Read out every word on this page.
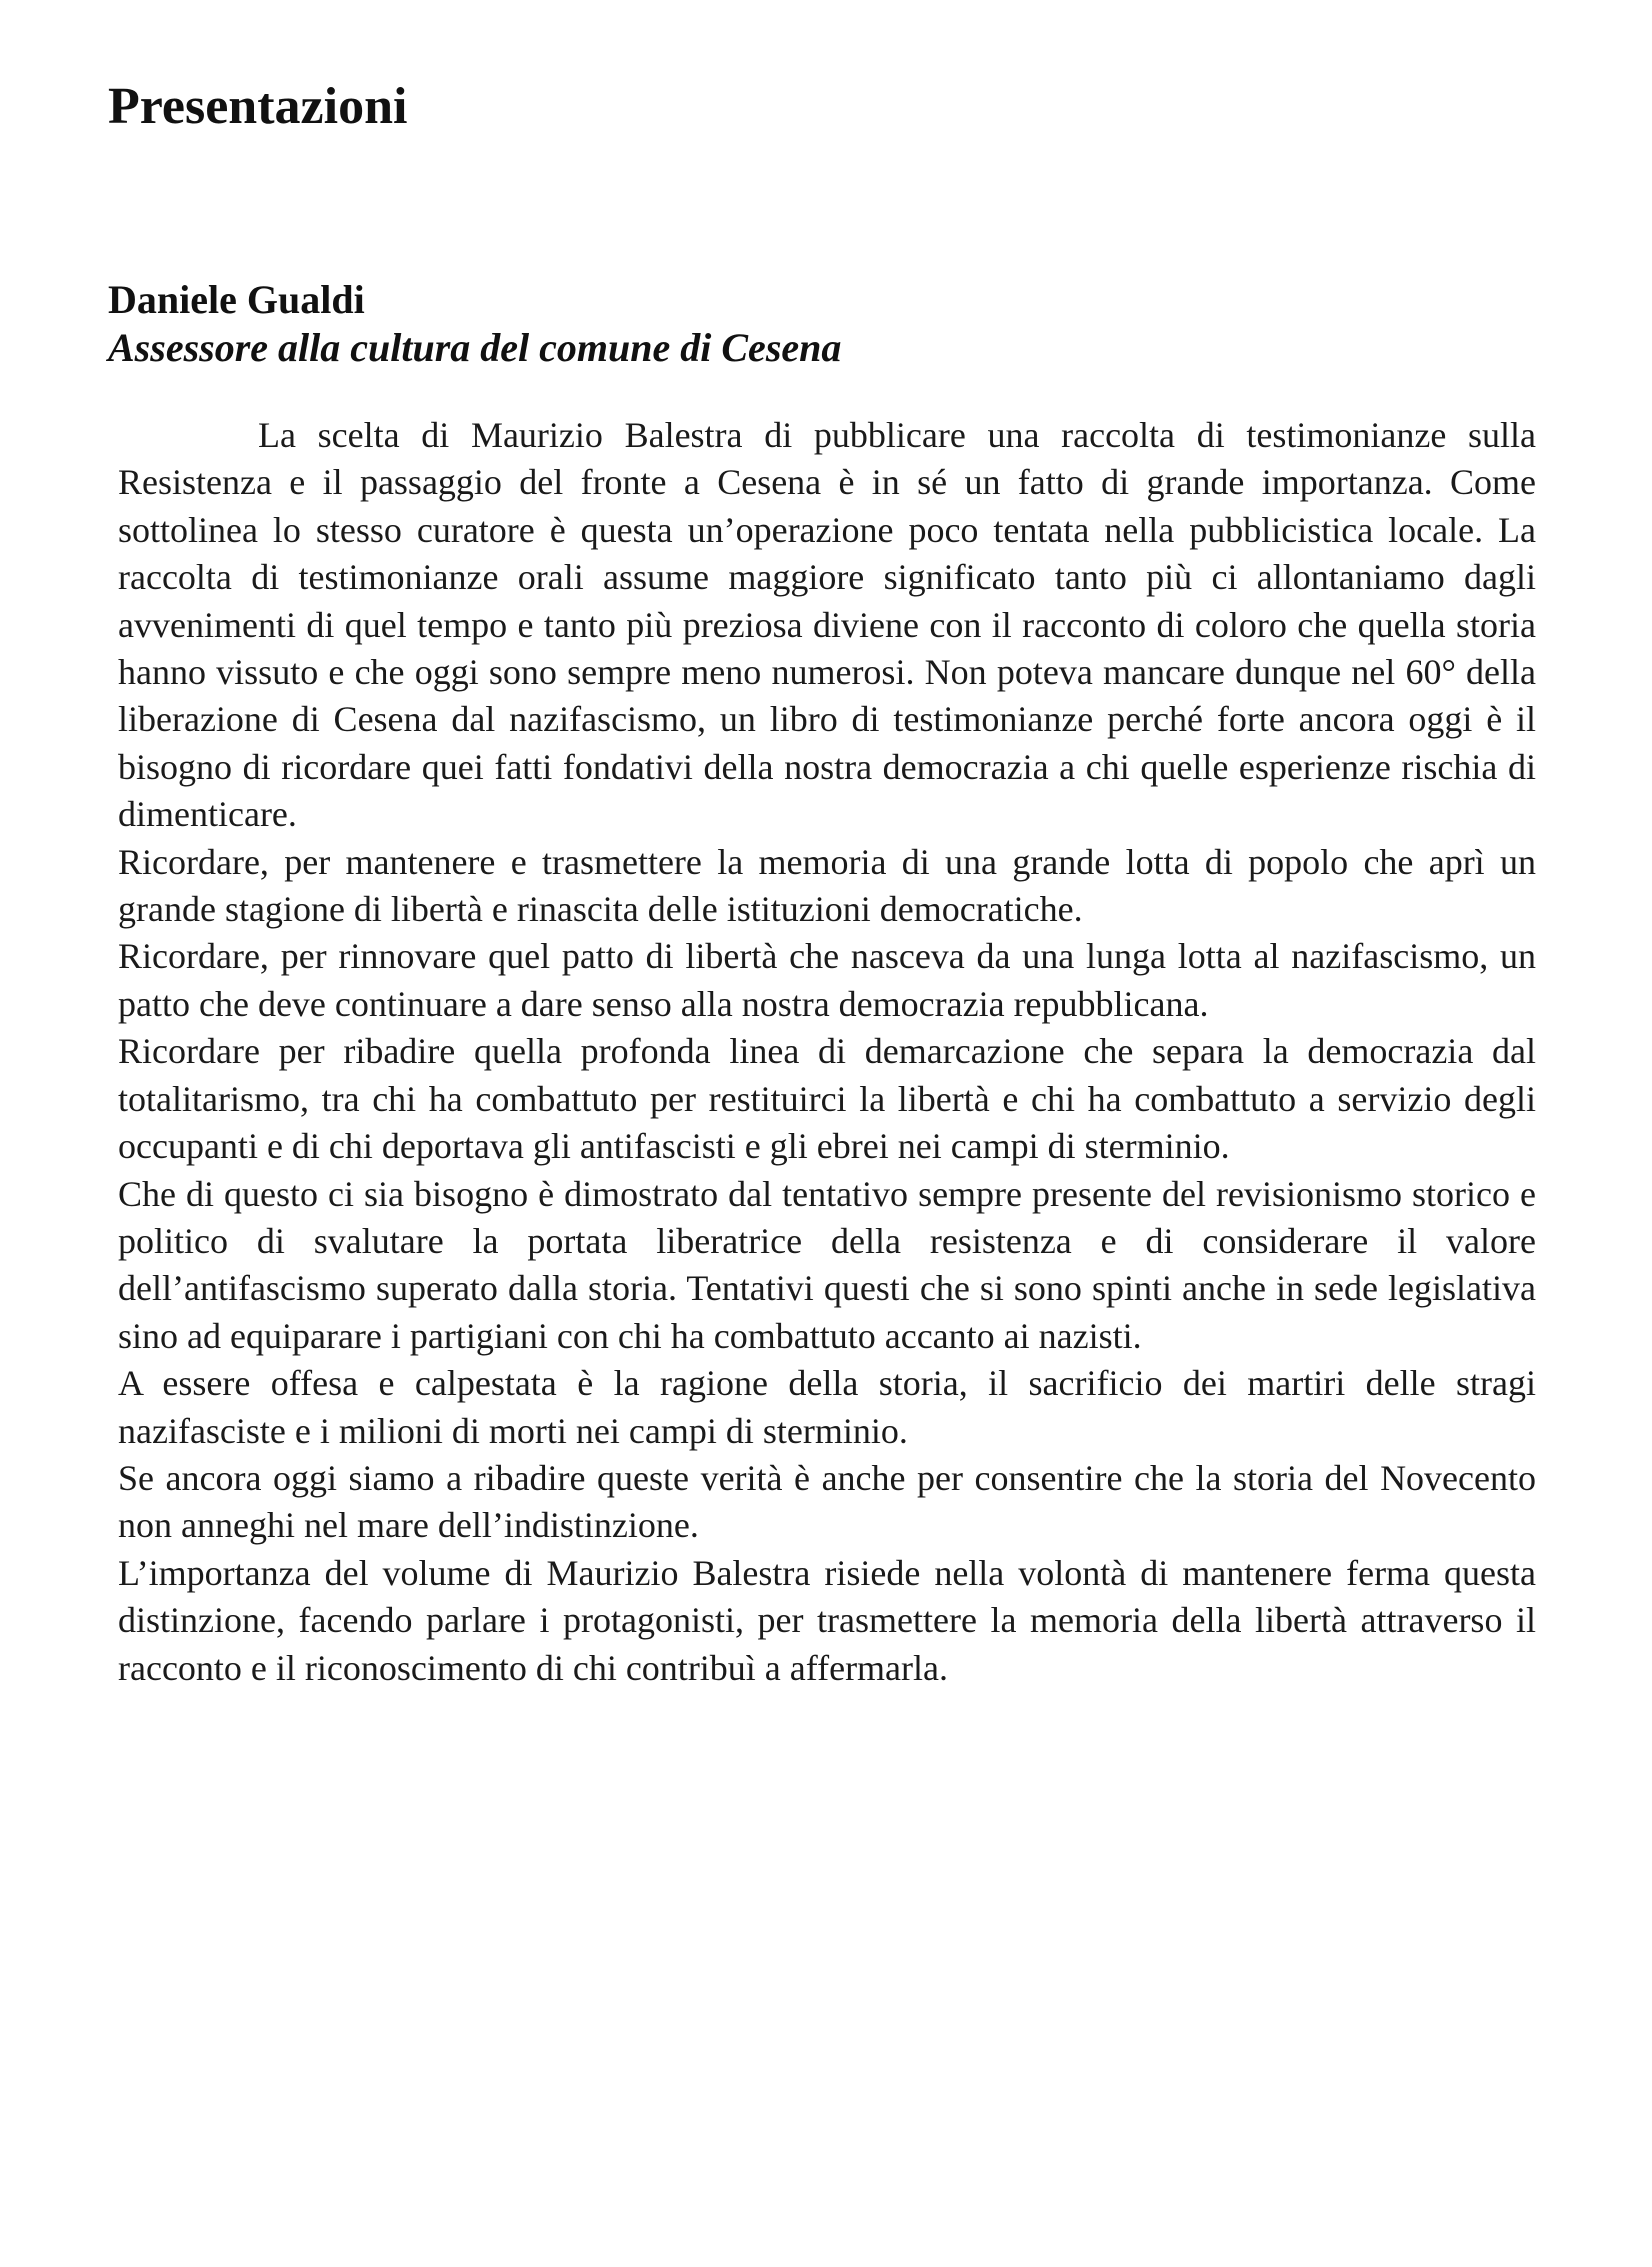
Presentazioni

Daniele Gualdi

Assessore alla cultura del comune di Cesena

La scelta di Maurizio Balestra di pubblicare una raccolta di testimonianze sulla Resistenza e il passaggio del fronte a Cesena è in sé un fatto di grande importanza. Come sottolinea lo stesso curatore è questa un’operazione poco tentata nella pubblicistica locale. La raccolta di testimonianze orali assume maggiore significato tanto più ci allontaniamo dagli avvenimenti di quel tempo e tanto più preziosa diviene con il racconto di coloro che quella storia hanno vissuto e che oggi sono sempre meno numerosi. Non poteva mancare dunque nel 60° della liberazione di Cesena dal nazifascismo, un libro di testimonianze perché forte ancora oggi è il bisogno di ricordare quei fatti fondativi della nostra democrazia a chi quelle esperienze rischia di dimenticare.

Ricordare, per mantenere e trasmettere la memoria di una grande lotta di popolo che aprì un grande stagione di libertà e rinascita delle istituzioni democratiche.

Ricordare, per rinnovare quel patto di libertà che nasceva da una lunga lotta al nazifascismo, un patto che deve continuare a dare senso alla nostra democrazia repubblicana.

Ricordare per ribadire quella profonda linea di demarcazione che separa la democrazia dal totalitarismo, tra chi ha combattuto per restituirci la libertà e chi ha combattuto a servizio degli occupanti e di chi deportava gli antifascisti e gli ebrei nei campi di sterminio.

Che di questo ci sia bisogno è dimostrato dal tentativo sempre presente del revisionismo storico e politico di svalutare la portata liberatrice della resistenza e di considerare il valore dell’antifascismo superato dalla storia. Tentativi questi che si sono spinti anche in sede legislativa sino ad equiparare i partigiani con chi ha combattuto accanto ai nazisti.

A essere offesa e calpestata è la ragione della storia, il sacrificio dei martiri delle stragi nazifasciste e i milioni di morti nei campi di sterminio.

Se ancora oggi siamo a ribadire queste verità è anche per consentire che la storia del Novecento non anneghi nel mare dell’indistinzione.

L’importanza del volume di Maurizio Balestra risiede nella volontà di mantenere ferma questa distinzione, facendo parlare i protagonisti, per trasmettere la memoria della libertà attraverso il racconto e il riconoscimento di chi contribuì a affermarla.
